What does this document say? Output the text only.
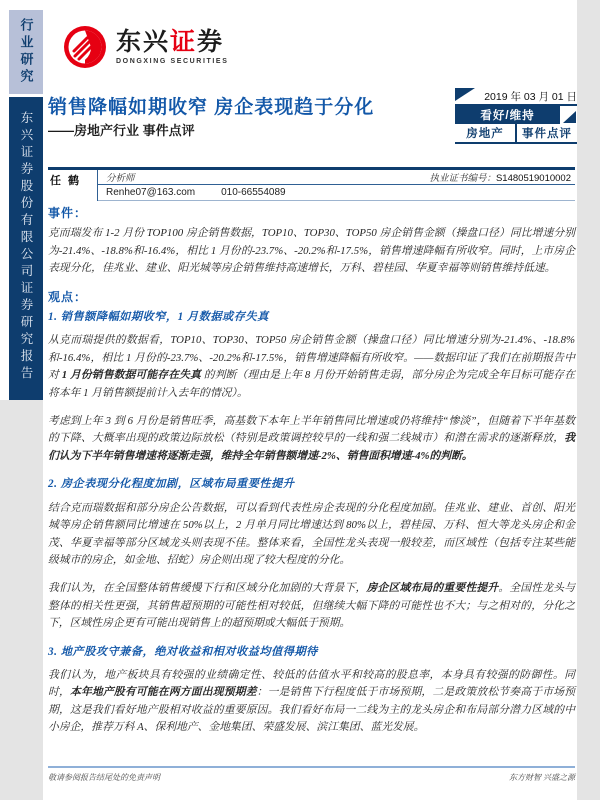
行业研究
东兴证券股份有限公司证券研究报告
东兴证券
DONGXING SECURITIES
销售降幅如期收窄 房企表现趋于分化
——房地产行业 事件点评
2019 年 03 月 01 日
看好/维持
房地产	事件点评
任 鹤	分析师	执业证书编号：S1480519010002
Renhe07@163.com	010-66554089
事件：

克而瑞发布 1-2 月份 TOP100 房企销售数据，TOP10、TOP30、TOP50 房企销售金额（操盘口径）同比增速分别为-21.4%、-18.8%和-16.4%，相比 1 月份的-23.7%、-20.2%和-17.5%，销售增速降幅有所收窄。同时，上市房企表现分化，佳兆业、建业、阳光城等房企销售维持高速增长，万科、碧桂园、华夏幸福等则销售维持低速。

观点：
1. 销售额降幅如期收窄，1 月数据或存失真

从克而瑞提供的数据看，TOP10、TOP30、TOP50 房企销售金额（操盘口径）同比增速分别为-21.4%、-18.8%和-16.4%，相比 1 月份的-23.7%、-20.2%和-17.5%，销售增速降幅有所收窄。——数据印证了我们在前期报告中对 1 月份销售数据可能存在失真 的判断（理由是上年 8 月份开始销售走弱，部分房企为完成全年目标可能存在将本年 1 月销售额提前计入去年的情况）。

考虑到上年 3 到 6 月份是销售旺季，高基数下本年上半年销售同比增速或仍将维持“惨淡”，但随着下半年基数的下降、大概率出现的政策边际放松（特别是政策调控较早的一线和强二线城市）和潜在需求的逐渐释放，我们认为下半年销售增速将逐渐走强，维持全年销售额增速-2%、销售面积增速-4%的判断。

2. 房企表现分化程度加剧，区域布局重要性提升

结合克而瑞数据和部分房企公告数据，可以看到代表性房企表现的分化程度加剧。佳兆业、建业、首创、阳光城等房企销售额同比增速在 50%以上，2 月单月同比增速达到 80%以上，碧桂园、万科、恒大等龙头房企和金茂、华夏幸福等部分区域龙头则表现不佳。整体来看，全国性龙头表现一般较差，而区域性（包括专注某些能级城市的房企，如金地、招蛇）房企则出现了较大程度的分化。

我们认为，在全国整体销售缓慢下行和区域分化加剧的大背景下，房企区域布局的重要性提升。全国性龙头与整体的相关性更强，其销售超预期的可能性相对较低，但继续大幅下降的可能性也不大；与之相对的，分化之下，区域性房企更有可能出现销售上的超预期或大幅低于预期。

3. 地产股攻守兼备，绝对收益和相对收益均值得期待

我们认为，地产板块具有较强的业绩确定性、较低的估值水平和较高的股息率，本身具有较强的防御性。同时，本年地产股有可能在两方面出现预期差：一是销售下行程度低于市场预期，二是政策放松节奏高于市场预期，这是我们看好地产股相对收益的重要原因。我们看好布局一二线为主的龙头房企和布局部分潜力区域的中小房企，推荐万科 A、保利地产、金地集团、荣盛发展、滨江集团、蓝光发展。

敬请参阅报告结尾处的免责声明	东方财智 兴盛之源
